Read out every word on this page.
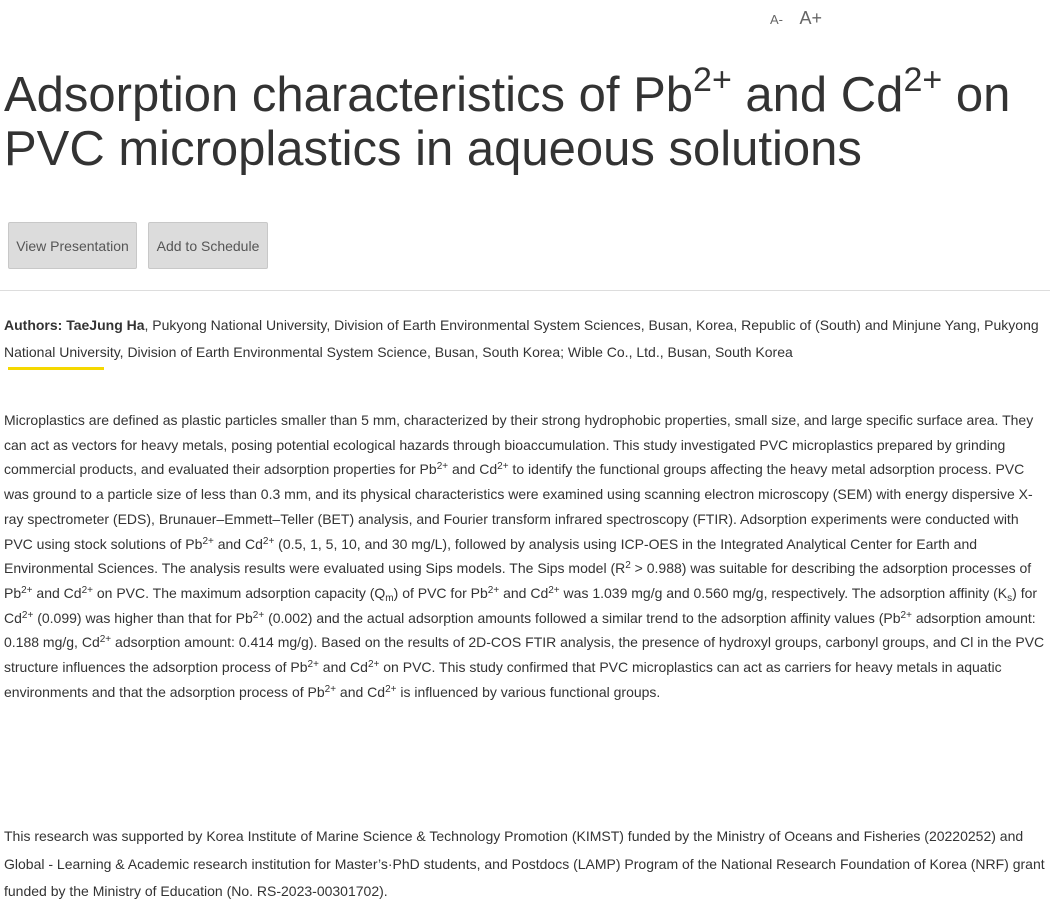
A- A+
Adsorption characteristics of $Pb^{2+}$ and $Cd^{2+}$ on PVC microplastics in aqueous solutions
View Presentation	Add to Schedule
Authors: TaeJung Ha, Pukyong National University, Division of Earth Environmental System Sciences, Busan, Korea, Republic of (South) and Minjune Yang, Pukyong National University, Division of Earth Environmental System Science, Busan, South Korea; Wible Co., Ltd., Busan, South Korea

Microplastics are defined as plastic particles smaller than 5 mm, characterized by their strong hydrophobic properties, small size, and large specific surface area. They can act as vectors for heavy metals, posing potential ecological hazards through bioaccumulation. This study investigated PVC microplastics prepared by grinding commercial products, and evaluated their adsorption properties for $Pb^{2+}$ and $Cd^{2+}$ to identify the functional groups affecting the heavy metal adsorption process. PVC was ground to a particle size of less than 0.3 mm, and its physical characteristics were examined using scanning electron microscopy (SEM) with energy dispersive X-ray spectrometer (EDS), Brunauer–Emmett–Teller (BET) analysis, and Fourier transform infrared spectroscopy (FTIR). Adsorption experiments were conducted with PVC using stock solutions of $Pb^{2+}$ and $Cd^{2+}$ (0.5, 1, 5, 10, and 30 mg/L), followed by analysis using ICP-OES in the Integrated Analytical Center for Earth and Environmental Sciences. The analysis results were evaluated using Sips models. The Sips model $(R^2 > 0.988)$ was suitable for describing the adsorption processes of $Pb^{2+}$ and $Cd^{2+}$ on PVC. The maximum adsorption capacity $(Q_m)$ of PVC for $Pb^{2+}$ and $Cd^{2+}$ was 1.039 mg/g and 0.560 mg/g, respectively. The adsorption affinity $(K_s)$ for $Cd^{2+}$ (0.099) was higher than that for $Pb^{2+}$ (0.002) and the actual adsorption amounts followed a similar trend to the adsorption affinity values ($Pb^{2+}$ adsorption amount: 0.188 mg/g, $Cd^{2+}$ adsorption amount: 0.414 mg/g). Based on the results of 2D-COS FTIR analysis, the presence of hydroxyl groups, carbonyl groups, and Cl in the PVC structure influences the adsorption process of $Pb^{2+}$ and $Cd^{2+}$ on PVC. This study confirmed that PVC microplastics can act as carriers for heavy metals in aquatic environments and that the adsorption process of $Pb^{2+}$ and $Cd^{2+}$ is influenced by various functional groups.

This research was supported by Korea Institute of Marine Science & Technology Promotion (KIMST) funded by the Ministry of Oceans and Fisheries (20220252) and Global - Learning & Academic research institution for Master’s·PhD students, and Postdocs (LAMP) Program of the National Research Foundation of Korea (NRF) grant funded by the Ministry of Education (No. RS-2023-00301702).
